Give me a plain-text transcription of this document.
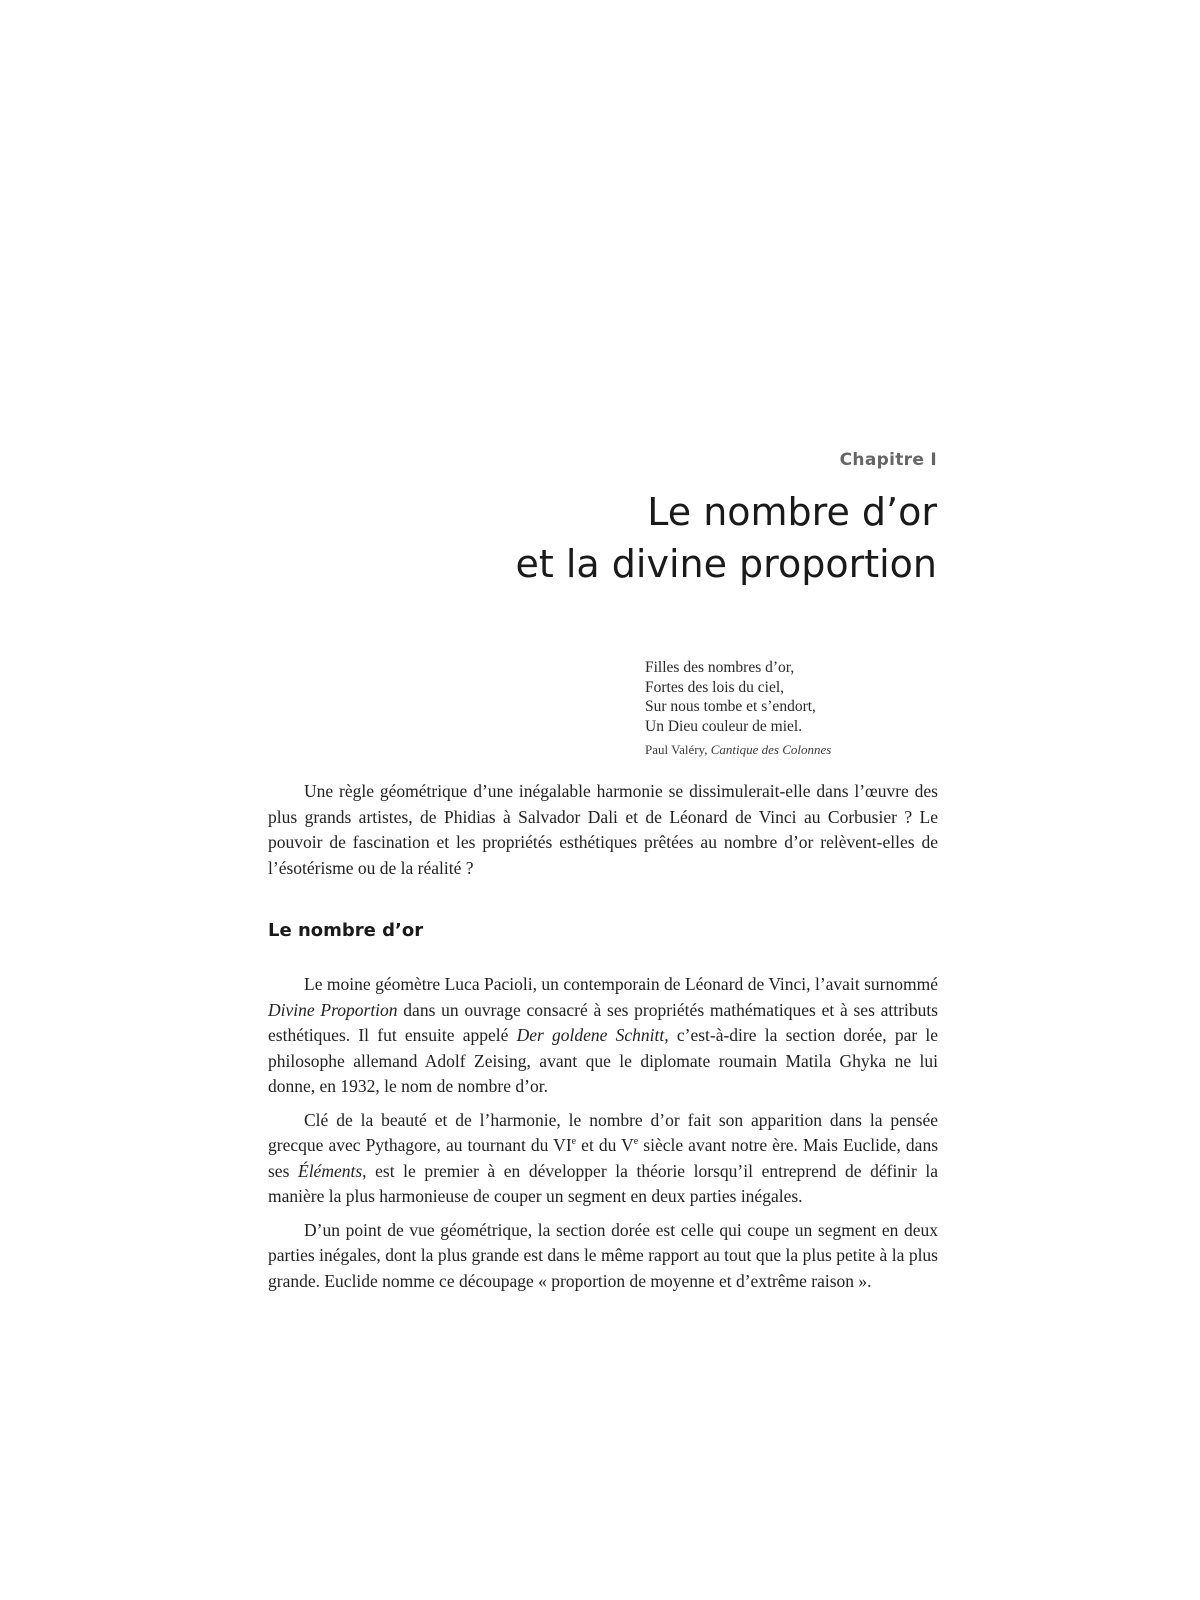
Chapitre I
Le nombre d’or
et la divine proportion
Filles des nombres d’or,
Fortes des lois du ciel,
Sur nous tombe et s’endort,
Un Dieu couleur de miel.
Paul Valéry, Cantique des Colonnes

Une règle géométrique d’une inégalable harmonie se dissimulerait-elle dans l’œuvre des plus grands artistes, de Phidias à Salvador Dali et de Léonard de Vinci au Corbusier ? Le pouvoir de fascination et les propriétés esthétiques prêtées au nombre d’or relèvent-elles de l’ésotérisme ou de la réalité ?

Le nombre d’or

Le moine géomètre Luca Pacioli, un contemporain de Léonard de Vinci, l’avait surnommé Divine Proportion dans un ouvrage consacré à ses propriétés mathématiques et à ses attributs esthétiques. Il fut ensuite appelé Der goldene Schnitt, c’est-à-dire la section dorée, par le philosophe allemand Adolf Zeising, avant que le diplomate roumain Matila Ghyka ne lui donne, en 1932, le nom de nombre d’or.

Clé de la beauté et de l’harmonie, le nombre d’or fait son apparition dans la pensée grecque avec Pythagore, au tournant du VIe et du Ve siècle avant notre ère. Mais Euclide, dans ses Éléments, est le premier à en développer la théorie lorsqu’il entreprend de définir la manière la plus harmonieuse de couper un segment en deux parties inégales.

D’un point de vue géométrique, la section dorée est celle qui coupe un segment en deux parties inégales, dont la plus grande est dans le même rapport au tout que la plus petite à la plus grande. Euclide nomme ce découpage « proportion de moyenne et d’extrême raison ».
